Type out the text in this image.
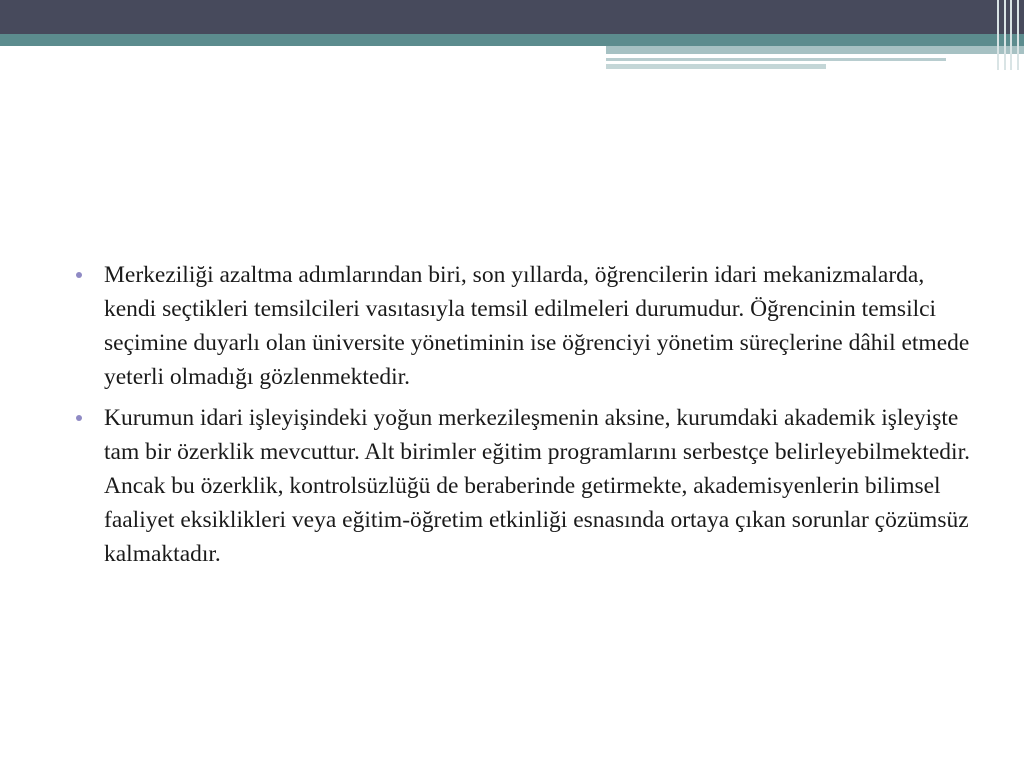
Merkeziliği azaltma adımlarından biri, son yıllarda, öğrencilerin idari mekanizmalarda, kendi seçtikleri temsilcileri vasıtasıyla temsil edilmeleri durumudur. Öğrencinin temsilci seçimine duyarlı olan üniversite yönetiminin ise öğrenciyi yönetim süreçlerine dâhil etmede yeterli olmadığı gözlenmektedir.
Kurumun idari işleyişindeki yoğun merkezileşmenin aksine, kurumdaki akademik işleyişte tam bir özerklik mevcuttur. Alt birimler eğitim programlarını serbestçe belirleyebilmektedir. Ancak bu özerklik, kontrolsüzlüğü de beraberinde getirmekte, akademisyenlerin bilimsel faaliyet eksiklikleri veya eğitim-öğretim etkinliği esnasında ortaya çıkan sorunlar çözümsüz kalmaktadır.
